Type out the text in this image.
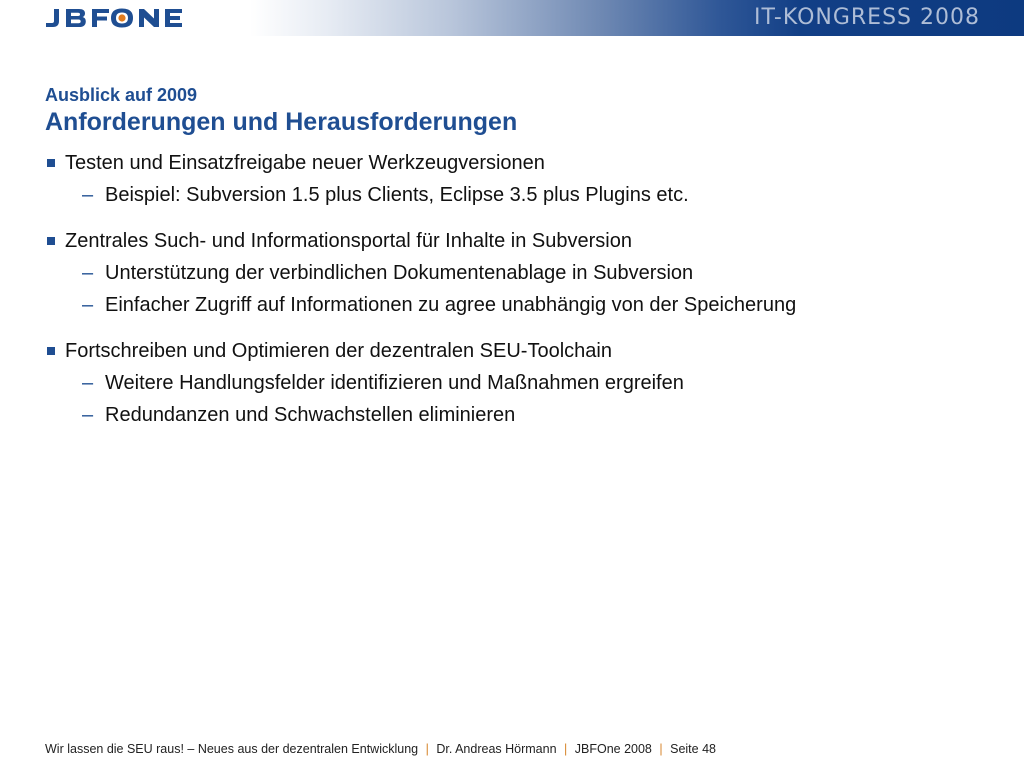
IT-KONGRESS 2008
Ausblick auf 2009
Anforderungen und Herausforderungen
Testen und Einsatzfreigabe neuer Werkzeugversionen
– Beispiel: Subversion 1.5 plus Clients, Eclipse 3.5 plus Plugins etc.
Zentrales Such- und Informationsportal für Inhalte in Subversion
– Unterstützung der verbindlichen Dokumentenablage in Subversion
– Einfacher Zugriff auf Informationen zu agree unabhängig von der Speicherung
Fortschreiben und Optimieren der dezentralen SEU-Toolchain
– Weitere Handlungsfelder identifizieren und Maßnahmen ergreifen
– Redundanzen und Schwachstellen eliminieren
Wir lassen die SEU raus! – Neues aus der dezentralen Entwicklung | Dr. Andreas Hörmann | JBFOne 2008 | Seite 48
